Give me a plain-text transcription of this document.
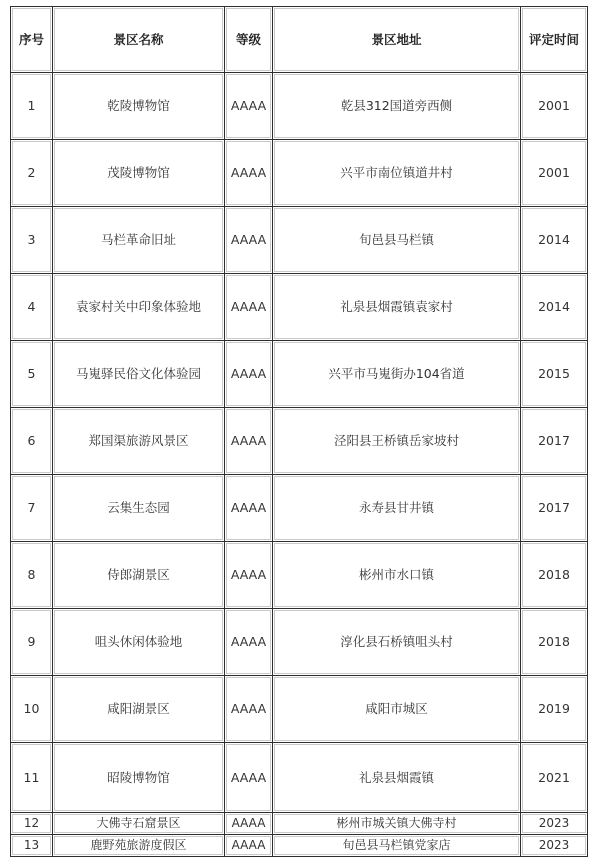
序号	景区名称	等级	景区地址	评定时间
1	乾陵博物馆	AAAA	乾县312国道旁西侧	2001
2	茂陵博物馆	AAAA	兴平市南位镇道井村	2001
3	马栏革命旧址	AAAA	旬邑县马栏镇	2014
4	袁家村关中印象体验地	AAAA	礼泉县烟霞镇袁家村	2014
5	马嵬驿民俗文化体验园	AAAA	兴平市马嵬街办104省道	2015
6	郑国渠旅游风景区	AAAA	泾阳县王桥镇岳家坡村	2017
7	云集生态园	AAAA	永寿县甘井镇	2017
8	侍郎湖景区	AAAA	彬州市水口镇	2018
9	咀头休闲体验地	AAAA	淳化县石桥镇咀头村	2018
10	咸阳湖景区	AAAA	咸阳市城区	2019
11	昭陵博物馆	AAAA	礼泉县烟霞镇	2021
12	大佛寺石窟景区	AAAA	彬州市城关镇大佛寺村	2023
13	鹿野苑旅游度假区	AAAA	旬邑县马栏镇党家店	2023
